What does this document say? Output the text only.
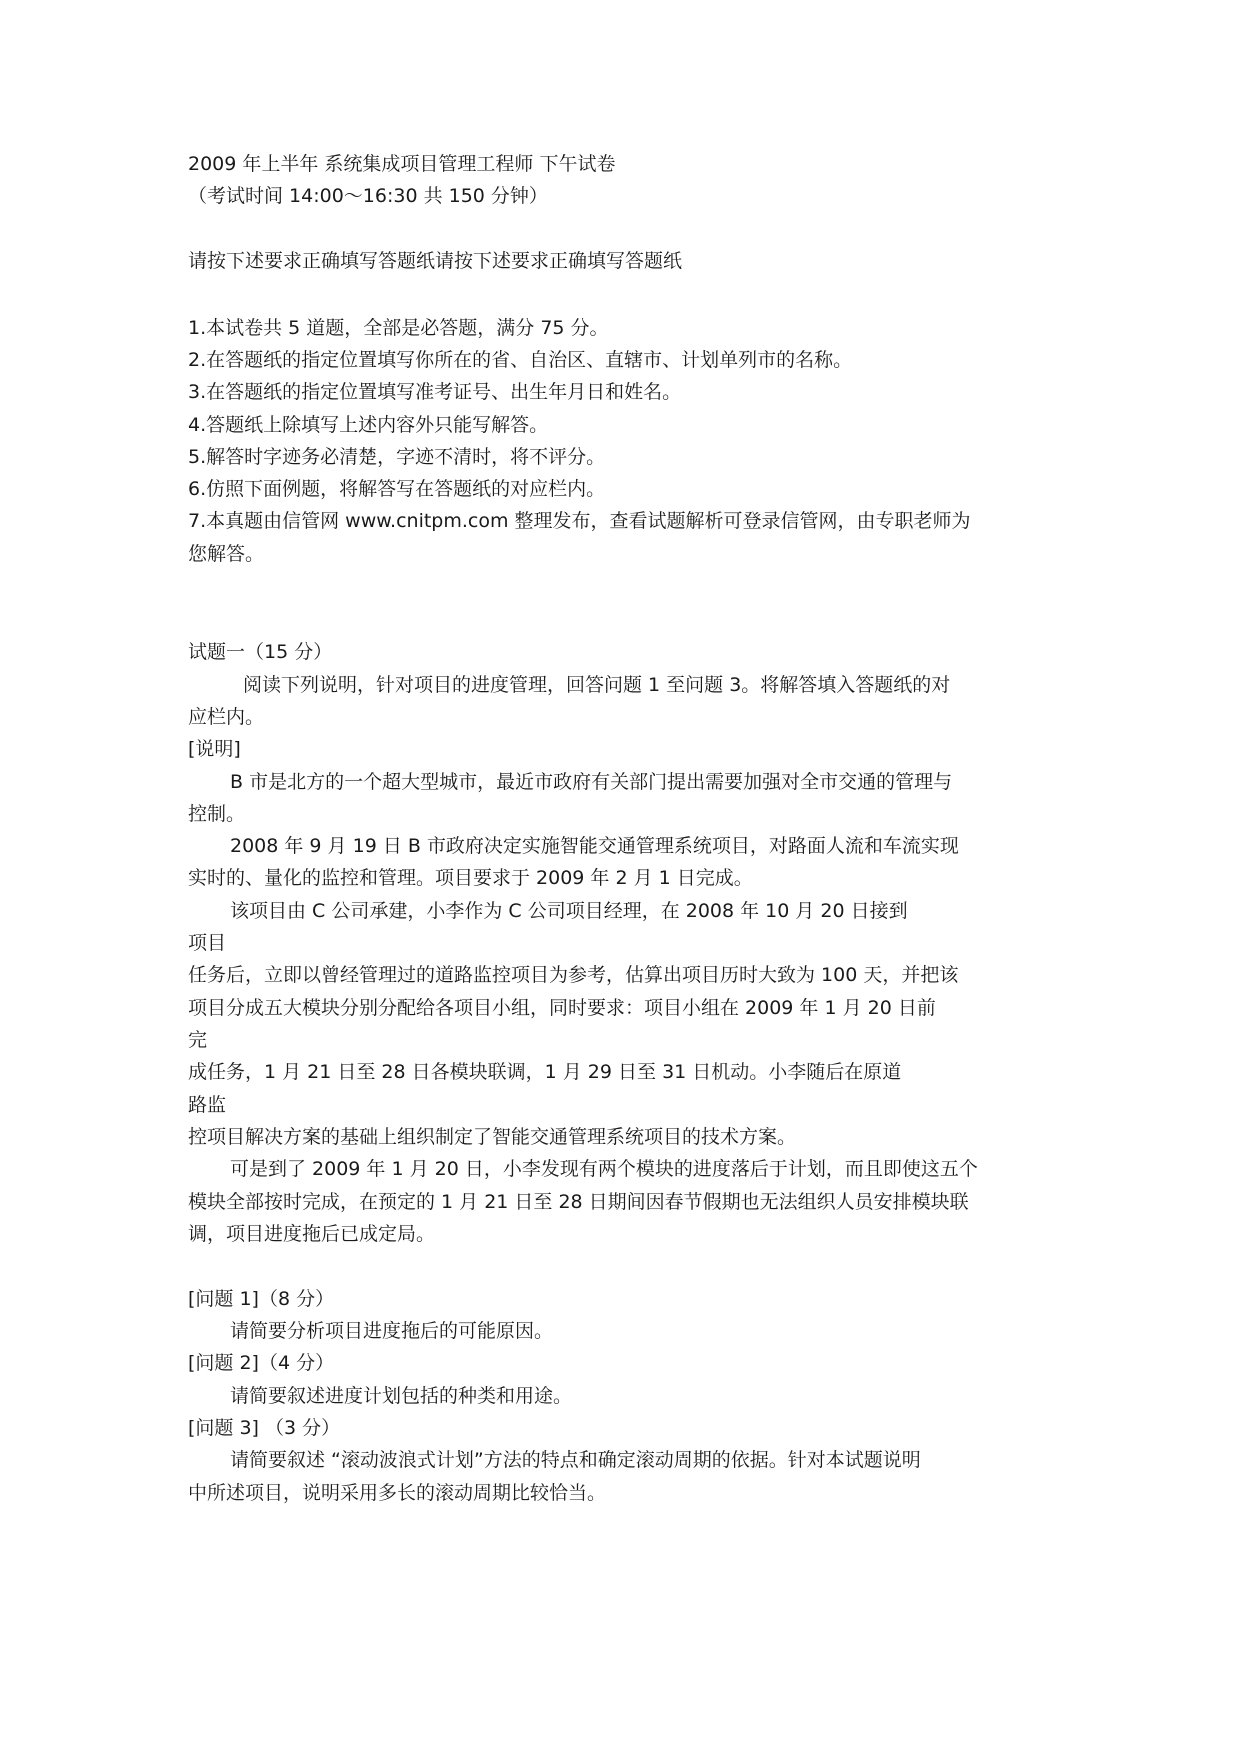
2009 年上半年 系统集成项目管理工程师 下午试卷
（考试时间 14:00～16:30 共 150 分钟）
请按下述要求正确填写答题纸请按下述要求正确填写答题纸
1.本试卷共 5 道题，全部是必答题，满分 75 分。
2.在答题纸的指定位置填写你所在的省、自治区、直辖市、计划单列市的名称。
3.在答题纸的指定位置填写准考证号、出生年月日和姓名。
4.答题纸上除填写上述内容外只能写解答。
5.解答时字迹务必清楚，字迹不清时，将不评分。
6.仿照下面例题，将解答写在答题纸的对应栏内。
7.本真题由信管网 www.cnitpm.com 整理发布，查看试题解析可登录信管网，由专职老师为
您解答。
试题一（15 分）
阅读下列说明，针对项目的进度管理，回答问题 1 至问题 3。将解答填入答题纸的对
应栏内。
[说明]
B 市是北方的一个超大型城市，最近市政府有关部门提出需要加强对全市交通的管理与
控制。
2008 年 9 月 19 日 B 市政府决定实施智能交通管理系统项目，对路面人流和车流实现
实时的、量化的监控和管理。项目要求于 2009 年 2 月 1 日完成。
该项目由 C 公司承建，小李作为 C 公司项目经理，在 2008 年 10 月 20 日接到
项目
任务后，立即以曾经管理过的道路监控项目为参考，估算出项目历时大致为 100 天，并把该
项目分成五大模块分别分配给各项目小组，同时要求：项目小组在 2009 年 1 月 20 日前
完
成任务，1 月 21 日至 28 日各模块联调，1 月 29 日至 31 日机动。小李随后在原道
路监
控项目解决方案的基础上组织制定了智能交通管理系统项目的技术方案。
可是到了 2009 年 1 月 20 日，小李发现有两个模块的进度落后于计划，而且即使这五个
模块全部按时完成，在预定的 1 月 21 日至 28 日期间因春节假期也无法组织人员安排模块联
调，项目进度拖后已成定局。
[问题 1]（8 分）
请简要分析项目进度拖后的可能原因。
[问题 2]（4 分）
请简要叙述进度计划包括的种类和用途。
[问题 3] （3 分）
请简要叙述 “滚动波浪式计划”方法的特点和确定滚动周期的依据。针对本试题说明
中所述项目，说明采用多长的滚动周期比较恰当。
